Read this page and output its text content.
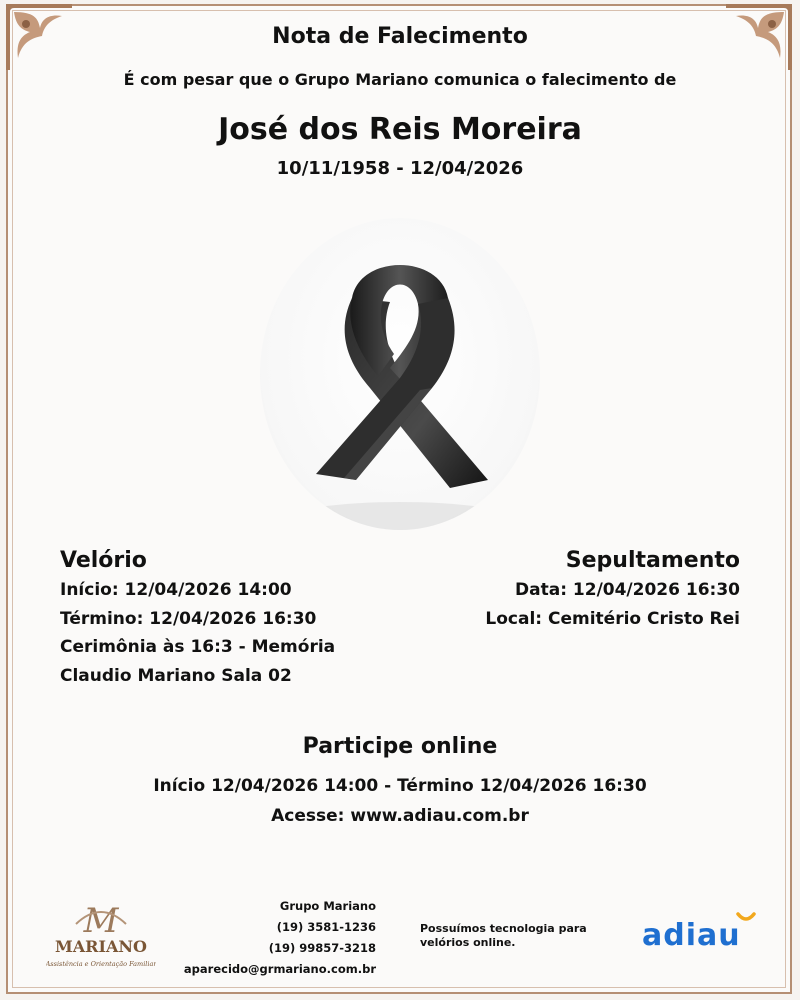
Nota de Falecimento
É com pesar que o Grupo Mariano comunica o falecimento de
José dos Reis Moreira
10/11/1958 - 12/04/2026
Velório
Início: 12/04/2026 14:00
Término: 12/04/2026 16:30
Cerimônia às 16:3 - Memória
Claudio Mariano Sala 02
Sepultamento
Data: 12/04/2026 16:30
Local: Cemitério Cristo Rei
Participe online
Início 12/04/2026 14:00 - Término 12/04/2026 16:30
Acesse: www.adiau.com.br
M
MARIANO
Assistência e Orientação Familiar
Grupo Mariano
(19) 3581-1236
(19) 99857-3218
aparecido@grmariano.com.br
Possuímos tecnologia para
velórios online.	adiau
